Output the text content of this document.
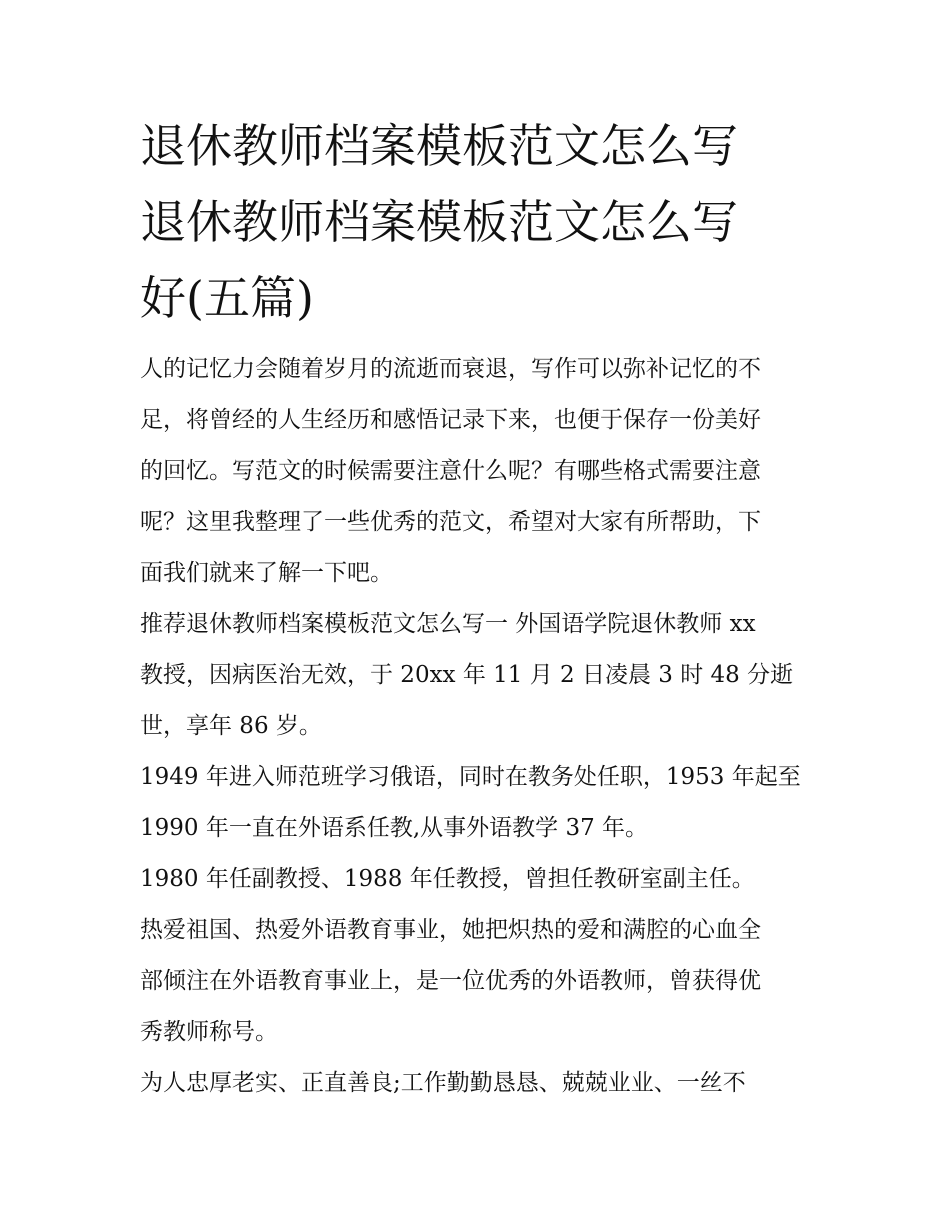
退休教师档案模板范文怎么写
退休教师档案模板范文怎么写
好(五篇)

人的记忆力会随着岁月的流逝而衰退，写作可以弥补记忆的不
足，将曾经的人生经历和感悟记录下来，也便于保存一份美好
的回忆。写范文的时候需要注意什么呢？有哪些格式需要注意
呢？这里我整理了一些优秀的范文，希望对大家有所帮助，下
面我们就来了解一下吧。

推荐退休教师档案模板范文怎么写一 外国语学院退休教师 xx
教授，因病医治无效，于 20xx 年 11 月 2 日凌晨 3 时 48 分逝
世，享年 86 岁。

1949 年进入师范班学习俄语，同时在教务处任职，1953 年起至
1990 年一直在外语系任教,从事外语教学 37 年。

1980 年任副教授、1988 年任教授，曾担任教研室副主任。

热爱祖国、热爱外语教育事业，她把炽热的爱和满腔的心血全
部倾注在外语教育事业上，是一位优秀的外语教师，曾获得优
秀教师称号。

为人忠厚老实、正直善良;工作勤勤恳恳、兢兢业业、一丝不
